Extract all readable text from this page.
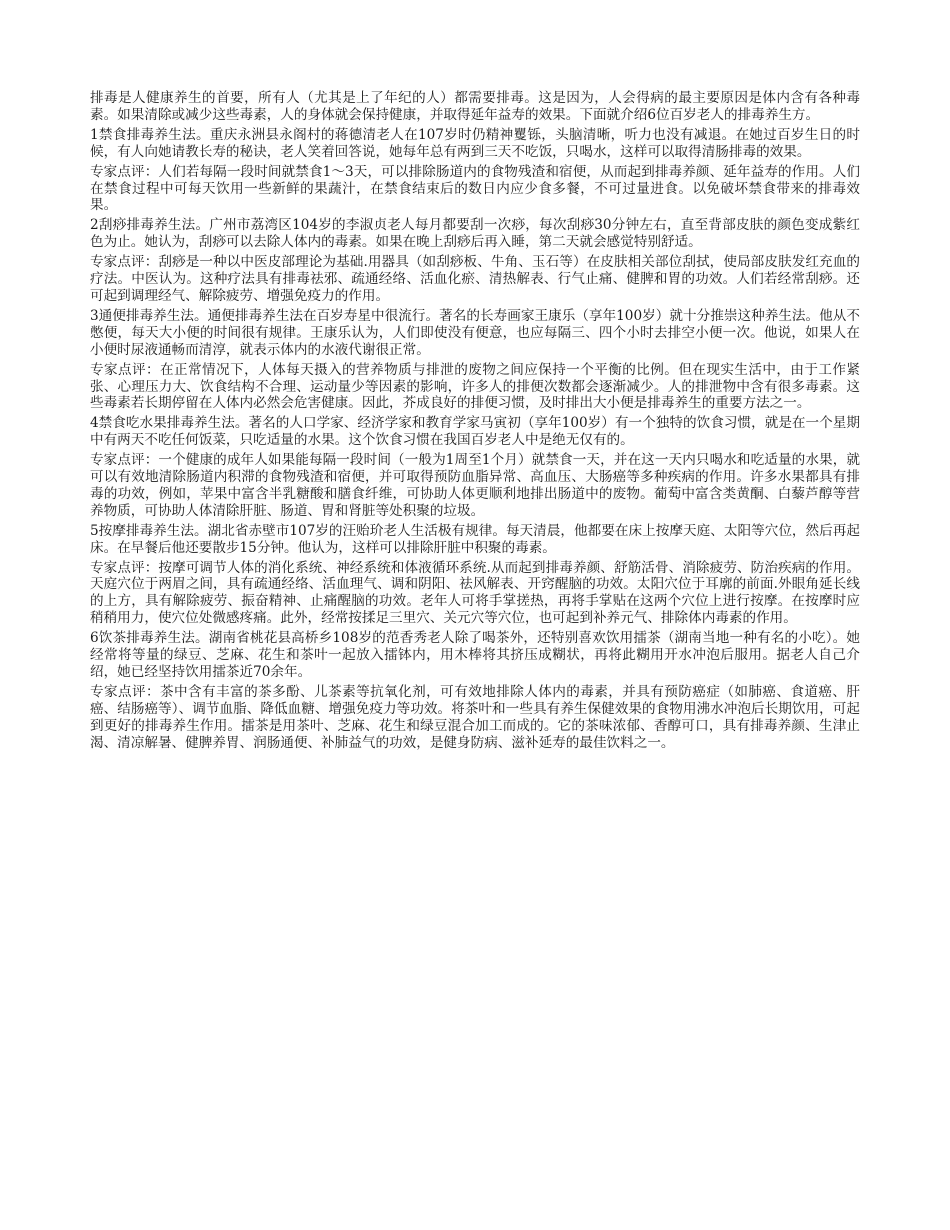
排毒是人健康养生的首要，所有人（尤其是上了年纪的人）都需要排毒。这是因为，人会得病的最主要原因是体内含有各种毒素。如果清除或减少这些毒素，人的身体就会保持健康，并取得延年益寿的效果。下面就介绍6位百岁老人的排毒养生方。

1禁食排毒养生法。重庆永洲县永阁村的蒋德清老人在107岁时仍精神矍铄，头脑清晰，听力也没有减退。在她过百岁生日的时候，有人向她请教长寿的秘诀，老人笑着回答说，她每年总有两到三天不吃饭，只喝水，这样可以取得清肠排毒的效果。

专家点评：人们若每隔一段时间就禁食1～3天，可以排除肠道内的食物残渣和宿便，从而起到排毒养颜、延年益寿的作用。人们在禁食过程中可每天饮用一些新鲜的果蔬汁，在禁食结束后的数日内应少食多餐，不可过量进食。以免破坏禁食带来的排毒效果。

2刮痧排毒养生法。广州市荔湾区104岁的李淑贞老人每月都要刮一次痧，每次刮痧30分钟左右，直至背部皮肤的颜色变成紫红色为止。她认为，刮痧可以去除人体内的毒素。如果在晚上刮痧后再入睡，第二天就会感觉特别舒适。

专家点评：刮痧是一种以中医皮部理论为基础.用器具（如刮痧板、牛角、玉石等）在皮肤相关部位刮拭，使局部皮肤发红充血的疗法。中医认为。这种疗法具有排毒祛邪、疏通经络、活血化瘀、清热解表、行气止痛、健脾和胃的功效。人们若经常刮痧。还可起到调理经气、解除疲劳、增强免疫力的作用。

3通便排毒养生法。通便排毒养生法在百岁寿星中很流行。著名的长寿画家王康乐（享年100岁）就十分推崇这种养生法。他从不憋便，每天大小便的时间很有规律。王康乐认为，人们即使没有便意，也应每隔三、四个小时去排空小便一次。他说，如果人在小便时尿液通畅而清淳，就表示体内的水液代谢很正常。

专家点评：在正常情况下，人体每天摄入的营养物质与排泄的废物之间应保持一个平衡的比例。但在现实生活中，由于工作紧张、心理压力大、饮食结构不合理、运动量少等因素的影响，许多人的排便次数都会逐渐减少。人的排泄物中含有很多毒素。这些毒素若长期停留在人体内必然会危害健康。因此，芥成良好的排便习惯，及时排出大小便是排毒养生的重要方法之一。

4禁食吃水果排毒养生法。著名的人口学家、经济学家和教育学家马寅初（享年100岁）有一个独特的饮食习惯，就是在一个星期中有两天不吃任何饭菜，只吃适量的水果。这个饮食习惯在我国百岁老人中是绝无仅有的。

专家点评：一个健康的成年人如果能每隔一段时间（一般为1周至1个月）就禁食一天，并在这一天内只喝水和吃适量的水果，就可以有效地清除肠道内积滞的食物残渣和宿便，并可取得预防血脂异常、高血压、大肠癌等多种疾病的作用。许多水果都具有排毒的功效，例如，苹果中富含半乳糖酸和膳食纤维，可协助人体更顺利地排出肠道中的废物。葡萄中富含类黄酮、白藜芦醇等营养物质，可协助人体清除肝脏、肠道、胃和肾脏等处积聚的垃圾。

5按摩排毒养生法。湖北省赤壁市107岁的汪贻玠老人生活极有规律。每天清晨，他都要在床上按摩天庭、太阳等穴位，然后再起床。在早餐后他还要散步15分钟。他认为，这样可以排除肝脏中积聚的毒素。

专家点评：按摩可调节人体的消化系统、神经系统和体液循环系统.从而起到排毒养颜、舒筋活骨、消除疲劳、防治疾病的作用。天庭穴位于两眉之间，具有疏通经络、活血理气、调和阴阳、祛风解表、开窍醒脑的功效。太阳穴位于耳廓的前面.外眼角延长线的上方，具有解除疲劳、振奋精神、止痛醒脑的功效。老年人可将手掌搓热，再将手掌贴在这两个穴位上进行按摩。在按摩时应稍稍用力，使穴位处微感疼痛。此外，经常按揉足三里穴、关元穴等穴位，也可起到补养元气、排除体内毒素的作用。

6饮茶排毒养生法。湖南省桃花县高桥乡108岁的范香秀老人除了喝茶外，还特别喜欢饮用擂茶（湖南当地一种有名的小吃）。她经常将等量的绿豆、芝麻、花生和茶叶一起放入擂钵内，用木棒将其挤压成糊状，再将此糊用开水冲泡后服用。据老人自己介绍，她已经坚持饮用擂茶近70余年。

专家点评：茶中含有丰富的茶多酚、儿茶素等抗氧化剂，可有效地排除人体内的毒素，并具有预防癌症（如肺癌、食道癌、肝癌、结肠癌等）、调节血脂、降低血糖、增强免疫力等功效。将茶叶和一些具有养生保健效果的食物用沸水冲泡后长期饮用，可起到更好的排毒养生作用。擂茶是用茶叶、芝麻、花生和绿豆混合加工而成的。它的茶味浓郁、香醇可口，具有排毒养颜、生津止渴、清凉解暑、健脾养胃、润肠通便、补肺益气的功效，是健身防病、滋补延寿的最佳饮料之一。
